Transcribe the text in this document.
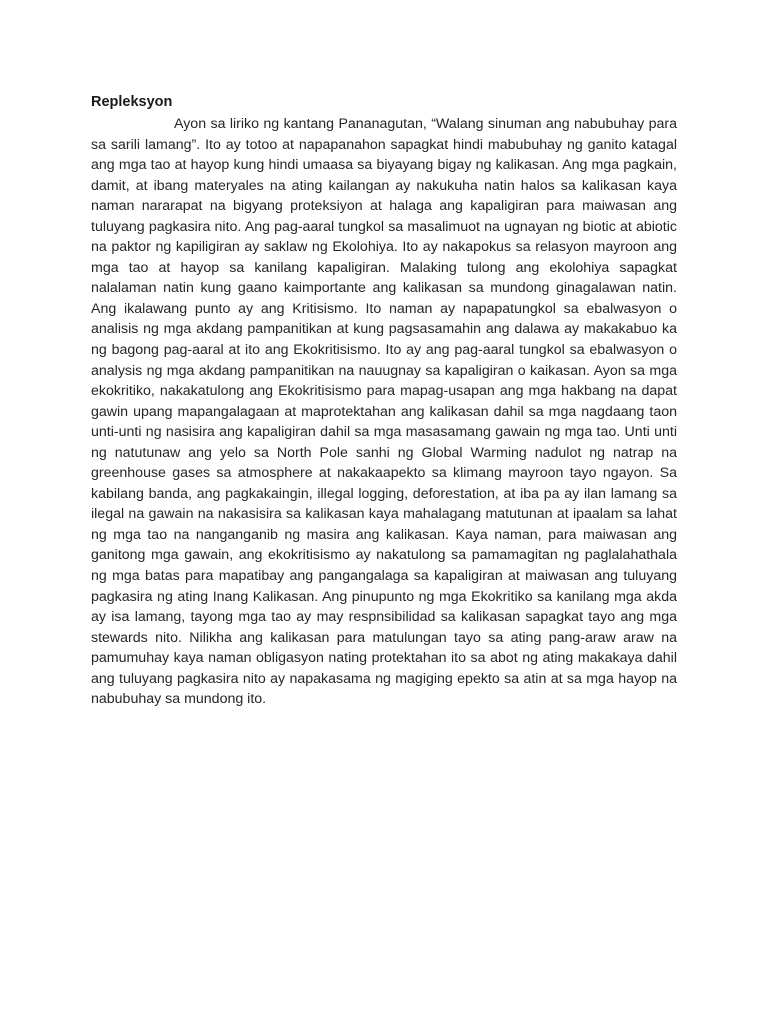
Repleksyon

Ayon sa liriko ng kantang Pananagutan, “Walang sinuman ang nabubuhay para sa sarili lamang”. Ito ay totoo at napapanahon sapagkat hindi mabubuhay ng ganito katagal ang mga tao at hayop kung hindi umaasa sa biyayang bigay ng kalikasan. Ang mga pagkain, damit, at ibang materyales na ating kailangan ay nakukuha natin halos sa kalikasan kaya naman nararapat na bigyang proteksiyon at halaga ang kapaligiran para maiwasan ang tuluyang pagkasira nito. Ang pag-aaral tungkol sa masalimuot na ugnayan ng biotic at abiotic na paktor ng kapiligiran ay saklaw ng Ekolohiya. Ito ay nakapokus sa relasyon mayroon ang mga tao at hayop sa kanilang kapaligiran. Malaking tulong ang ekolohiya sapagkat nalalaman natin kung gaano kaimportante ang kalikasan sa mundong ginagalawan natin. Ang ikalawang punto ay ang Kritisismo. Ito naman ay napapatungkol sa ebalwasyon o analisis ng mga akdang pampanitikan at kung pagsasamahin ang dalawa ay makakabuo ka ng bagong pag-aaral at ito ang Ekokritisismo. Ito ay ang pag-aaral tungkol sa ebalwasyon o analysis ng mga akdang pampanitikan na nauugnay sa kapaligiran o kaikasan. Ayon sa mga ekokritiko, nakakatulong ang Ekokritisismo para mapag-usapan ang mga hakbang na dapat gawin upang mapangalagaan at maprotektahan ang kalikasan dahil sa mga nagdaang taon unti-unti ng nasisira ang kapaligiran dahil sa mga masasamang gawain ng mga tao. Unti unti ng natutunaw ang yelo sa North Pole sanhi ng Global Warming nadulot ng natrap na greenhouse gases sa atmosphere at nakakaapekto sa klimang mayroon tayo ngayon. Sa kabilang banda, ang pagkakaingin, illegal logging, deforestation, at iba pa ay ilan lamang sa ilegal na gawain na nakasisira sa kalikasan kaya mahalagang matutunan at ipaalam sa lahat ng mga tao na nanganganib ng masira ang kalikasan. Kaya naman, para maiwasan ang ganitong mga gawain, ang ekokritisismo ay nakatulong sa pamamagitan ng paglalahathala ng mga batas para mapatibay ang pangangalaga sa kapaligiran at maiwasan ang tuluyang pagkasira ng ating Inang Kalikasan. Ang pinupunto ng mga Ekokritiko sa kanilang mga akda ay isa lamang, tayong mga tao ay may respnsibilidad sa kalikasan sapagkat tayo ang mga stewards nito. Nilikha ang kalikasan para matulungan tayo sa ating pang-araw araw na pamumuhay kaya naman obligasyon nating protektahan ito sa abot ng ating makakaya dahil ang tuluyang pagkasira nito ay napakasama ng magiging epekto sa atin at sa mga hayop na nabubuhay sa mundong ito.
